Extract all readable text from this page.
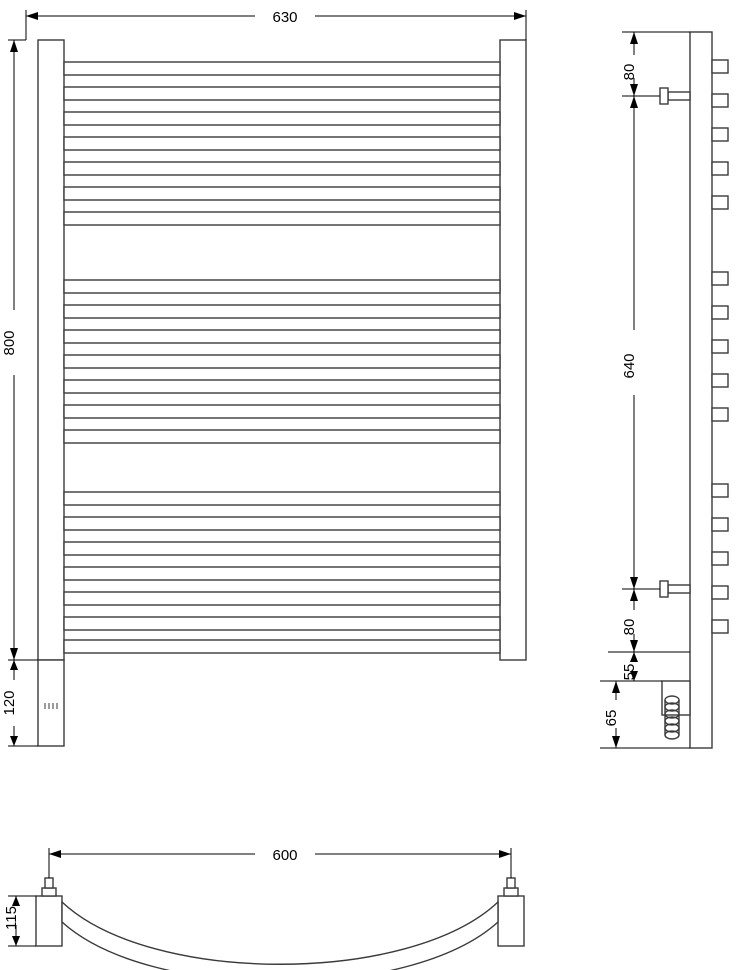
630
800
120
80
640
80
55
65
600
115
